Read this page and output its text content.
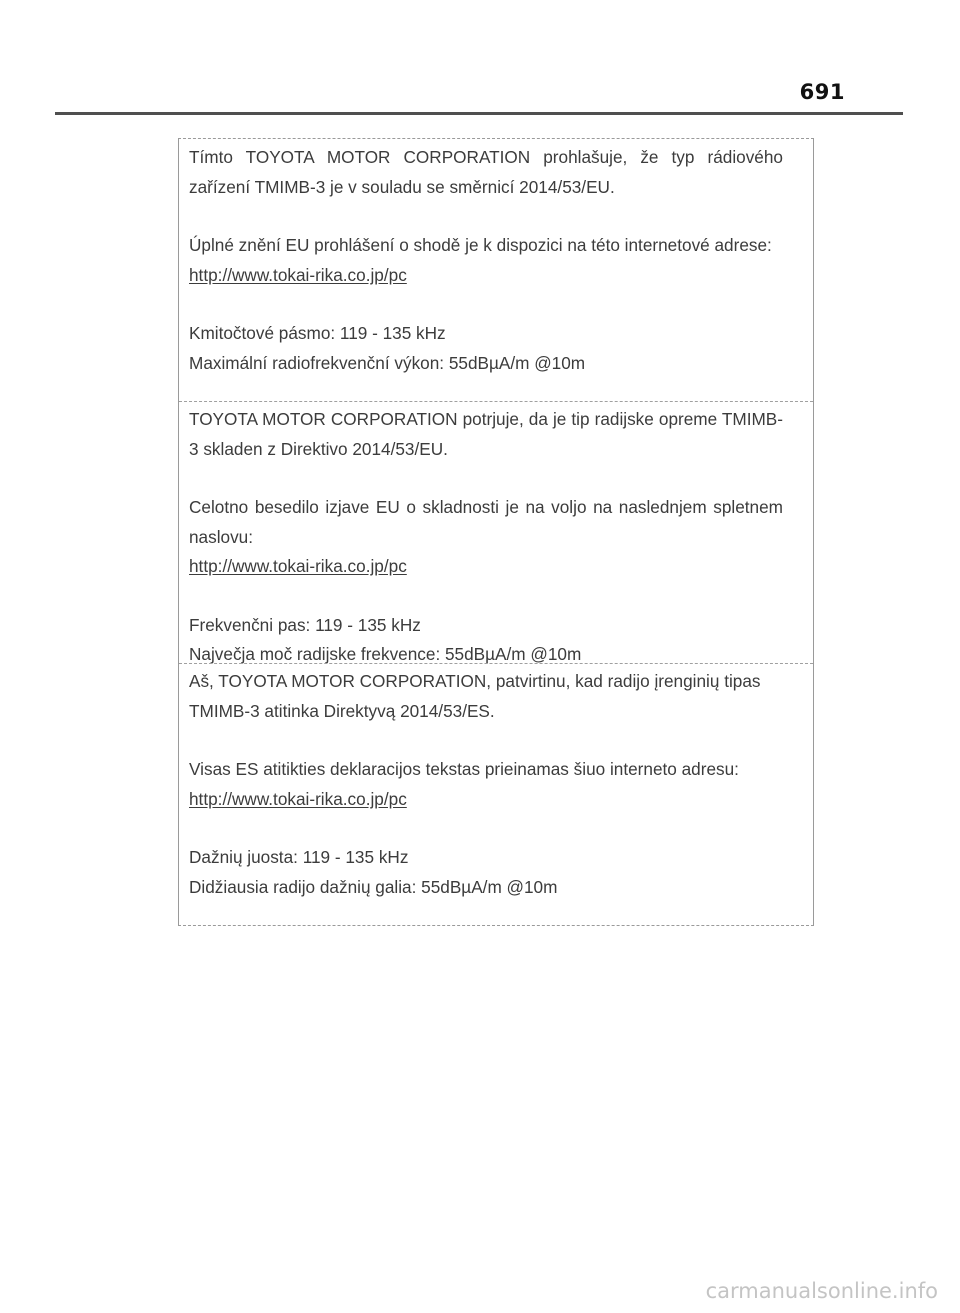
691

Tímto TOYOTA MOTOR CORPORATION prohlašuje, že typ rádiového zařízení TMIMB-3 je v souladu se směrnicí 2014/53/EU.

Úplné znění EU prohlášení o shodě je k dispozici na této internetové adrese:

http://www.tokai-rika.co.jp/pc

Kmitočtové pásmo: 119 - 135 kHz

Maximální radiofrekvenční výkon: 55dBµA/m @10m

TOYOTA MOTOR CORPORATION potrjuje, da je tip radijske opreme TMIMB-3 skladen z Direktivo 2014/53/EU.

Celotno besedilo izjave EU o skladnosti je na voljo na naslednjem spletnem naslovu:

http://www.tokai-rika.co.jp/pc

Frekvenčni pas: 119 - 135 kHz

Največja moč radijske frekvence: 55dBµA/m @10m

Aš, TOYOTA MOTOR CORPORATION, patvirtinu, kad radijo įrenginių tipas TMIMB-3 atitinka Direktyvą 2014/53/ES.

Visas ES atitikties deklaracijos tekstas prieinamas šiuo interneto adresu:

http://www.tokai-rika.co.jp/pc

Dažnių juosta: 119 - 135 kHz

Didžiausia radijo dažnių galia: 55dBµA/m @10m

carmanualsonline.info
